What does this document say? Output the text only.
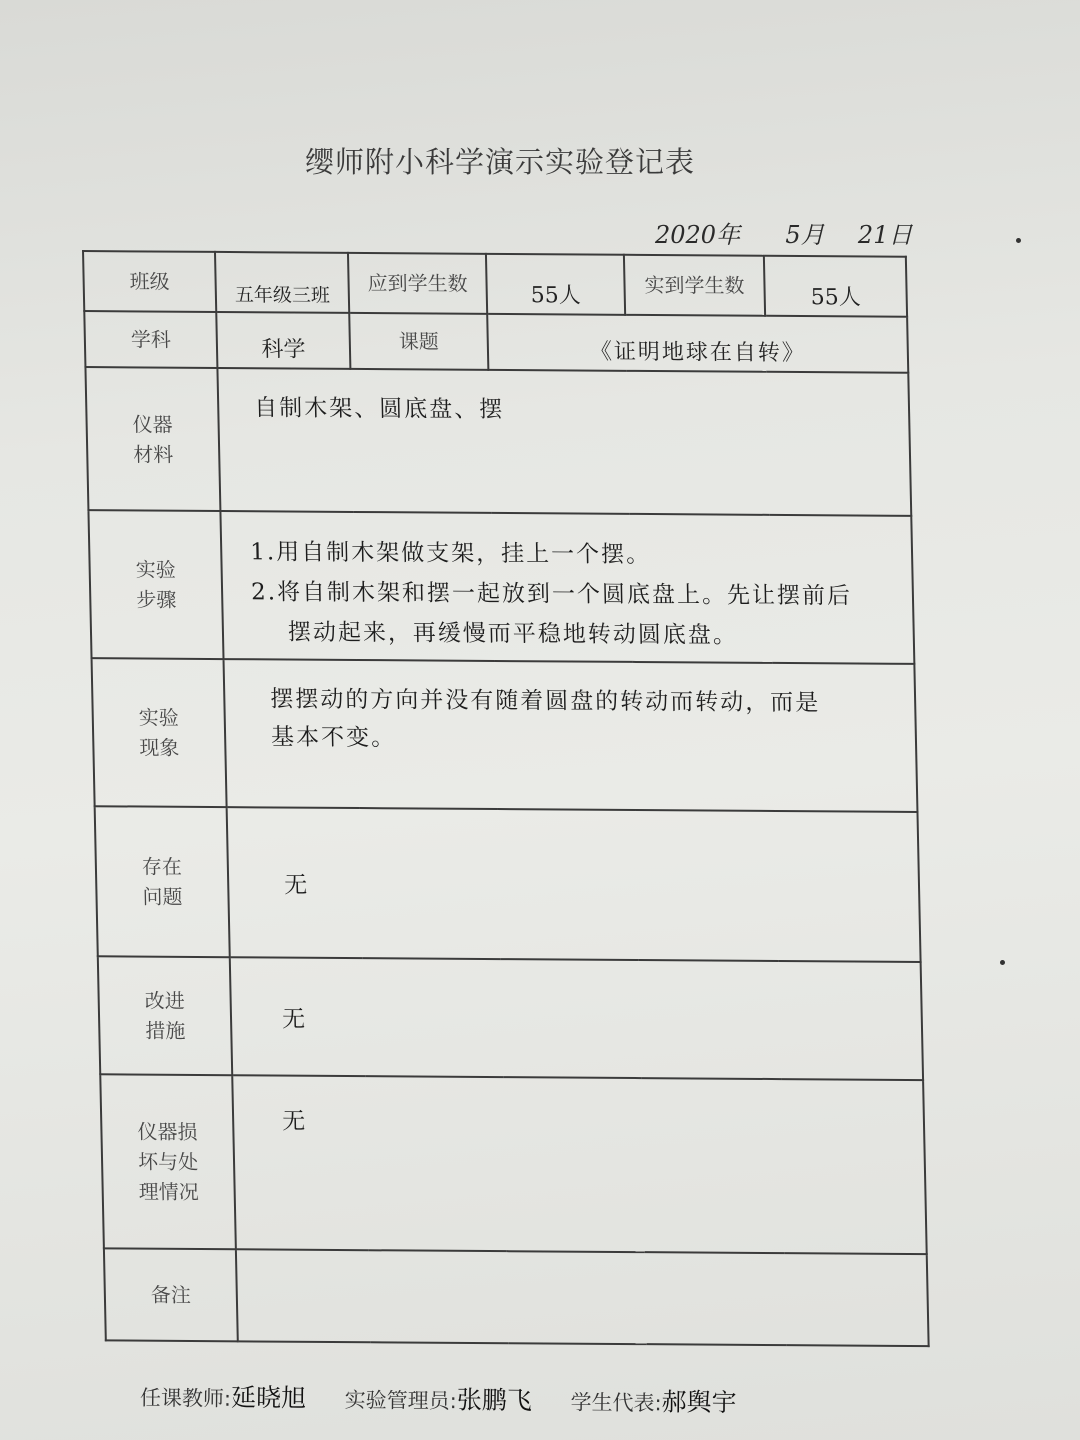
缨师附小科学演示实验登记表
2020年 5月 21日
班级	五年级三班	应到学生数	55人	实到学生数	55人
学科	科学	课题	《证明地球在自转》		

仪器材料	自制木架、圆底盘、摆				

实验步骤	1.用自制木架做支架，挂上一个摆。
2.将自制木架和摆一起放到一个圆底盘上。先让摆前后
摆动起来，再缓慢而平稳地转动圆底盘。				

实验现象	摆摆动的方向并没有随着圆盘的转动而转动，而是
基本不变。				

存在问题	无				

改进措施	无				

仪器损坏与处理情况	无				
备注					
任课教师:延晓旭 实验管理员:张鹏飞 学生代表:郝舆宇
